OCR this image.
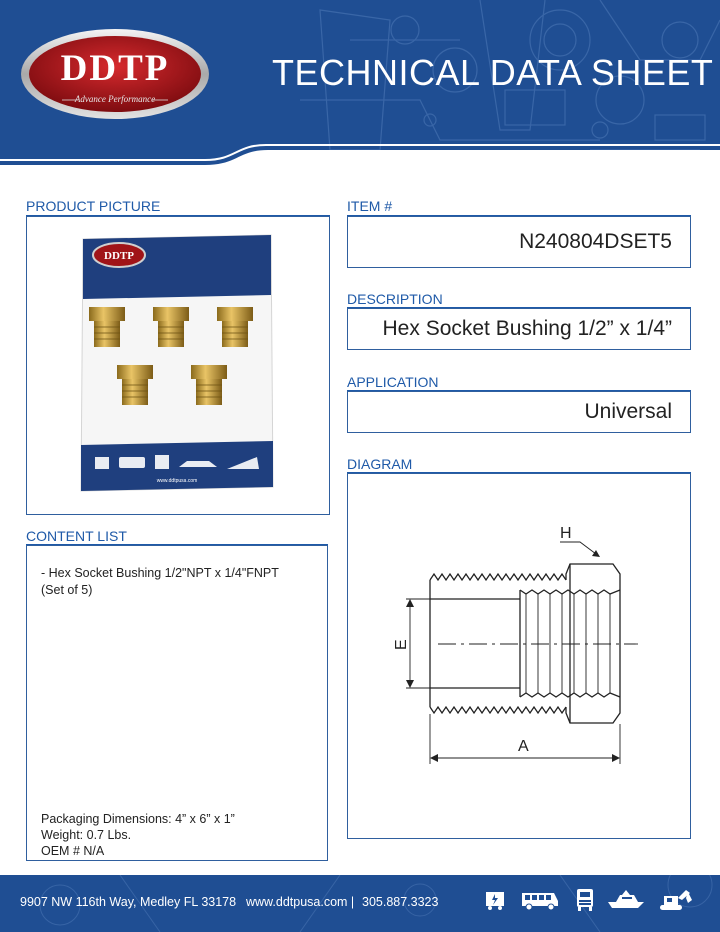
DDTP
Advance Performance
TECHNICAL DATA SHEET
PRODUCT PICTURE
DDTP
www.ddtpusa.com
ITEM #
N240804DSET5
DESCRIPTION
Hex Socket Bushing 1/2” x 1/4”
APPLICATION
Universal
DIAGRAM
H
E
A
CONTENT LIST
- Hex Socket Bushing 1/2"NPT x 1/4"FNPT
(Set of 5)
Packaging Dimensions: 4” x 6” x 1”
Weight: 0.7 Lbs.
OEM # N/A
9907 NW 116th Way, Medley FL 33178 www.ddtpusa.com | 305.887.3323
